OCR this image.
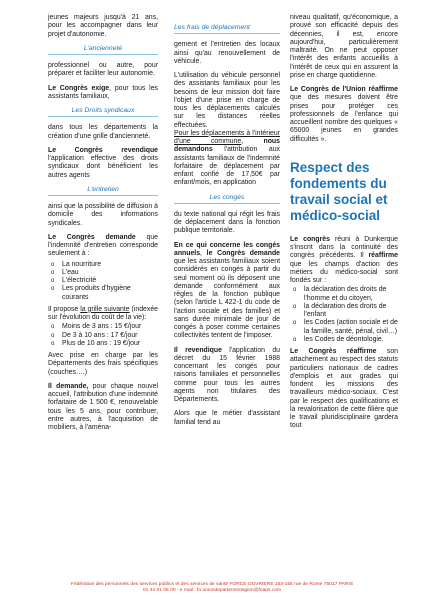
jeunes majeurs jusqu'à 21 ans, pour les accompagner dans leur projet d'autonomie.

L'ancienneté

professionnel ou autre, pour préparer et faciliter leur autonomie.

Le Congrès exige, pour tous les assistants familiaux,

Les Droits syndicaux

dans tous les départements la création d'une grille d'ancienneté.

Le Congrès revendique l'application effective des droits syndicaux dont bénéficient les autres agents

L'entretien

ainsi que la possibilité de diffusion à domicile des informations syndicales.

Le Congrès demande que l'indemnité d'entretien corresponde seulement à :

o La nourriture
o L'eau
o L'électricité
o Les produits d'hygiène courants

Il propose la grille suivante (indexée sur l'évolution du coût de la vie):

o Moins de 3 ans : 15 €/jour
o De 3 à 10 ans : 17 €/jour
o Plus de 10 ans : 19 €/jour

Avec prise en charge par les Départements des frais spécifiques (couches….)

Il demande, pour chaque nouvel accueil, l'attribution d'une indemnité forfaitaire de 1 500 €, renouvelable tous les 5 ans, pour contribuer, entre autres, à l'acquisition de mobiliers, à l'aména-

Les frais de déplacement

gement et l'entretien des locaux ainsi qu'au renouvellement de véhicule.

L'utilisation du véhicule personnel des assistants familiaux pour les besoins de leur mission doit faire l'objet d'une prise en charge de tous les déplacements calculés sur les distances réelles effectuées.

Pour les déplacements à l'intérieur d'une commune, nous demandons l'attribution aux assistants familiaux de l'indemnité forfaitaire de déplacement par enfant confié de 17,50€ par enfant/mois, en application

Les congés

du texte national qui régit les frais de déplacement dans la fonction publique territoriale.

En ce qui concerne les congés annuels, le Congrès demande que les assistants familiaux soient considérés en congés à partir du seul moment où ils déposent une demande conformément aux règles de la fonction publique (selon l'article L 422-1 du code de l'action sociale et des familles) et sans durée minimale de jour de congés à poser comme certaines collectivités tentent de l'imposer.

Il revendique l'application du décret du 15 février 1988 concernant les congés pour raisons familiales et personnelles comme pour tous les autres agents non titulaires des Départements.

Alors que le métier d'assistant familial tend au

niveau qualitatif, qu'économique, a prouvé son efficacité depuis des décennies, il est, encore aujourd'hui, particulièrement maltraité. On ne peut opposer l'intérêt des enfants accueillis à l'intérêt de ceux qui en assurent la prise en charge quotidienne.

Le Congrès de l'Union réaffirme que des mesures doivent être prises pour protéger ces professionnels de l'enfance qui accueillent nombre des quelques « 65000 jeunes en grandes difficultés ».

Respect des fondements du travail social et médico-social

Le congrès réuni à Dunkerque s'inscrit dans la continuité des congrès précédents. Il réaffirme que les champs d'action des métiers du médico-social sont fondés sur :

o la déclaration des droits de l'homme et du citoyen,
o la déclaration des droits de l'enfant
o les Codes (action sociale et de la famille, santé, pénal, civil…)
o les Codes de déontologie.

Le Congrès réaffirme son attachement au respect des statuts particuliers nationaux de cadres d'emplois et aux grades qui fondent les missions des travailleurs médico-sociaux. C'est par le respect des qualifications et la revalorisation de cette filière que le travail pluridisciplinaire gardera tout

Fédération des personnels des services publics et des services de santé FORCE OUVRIERE 153-155 rue de Rome 75017 PARIS
01 44 01 06 00 - e mail : fo.uniondepartementsgion@foaps.com
